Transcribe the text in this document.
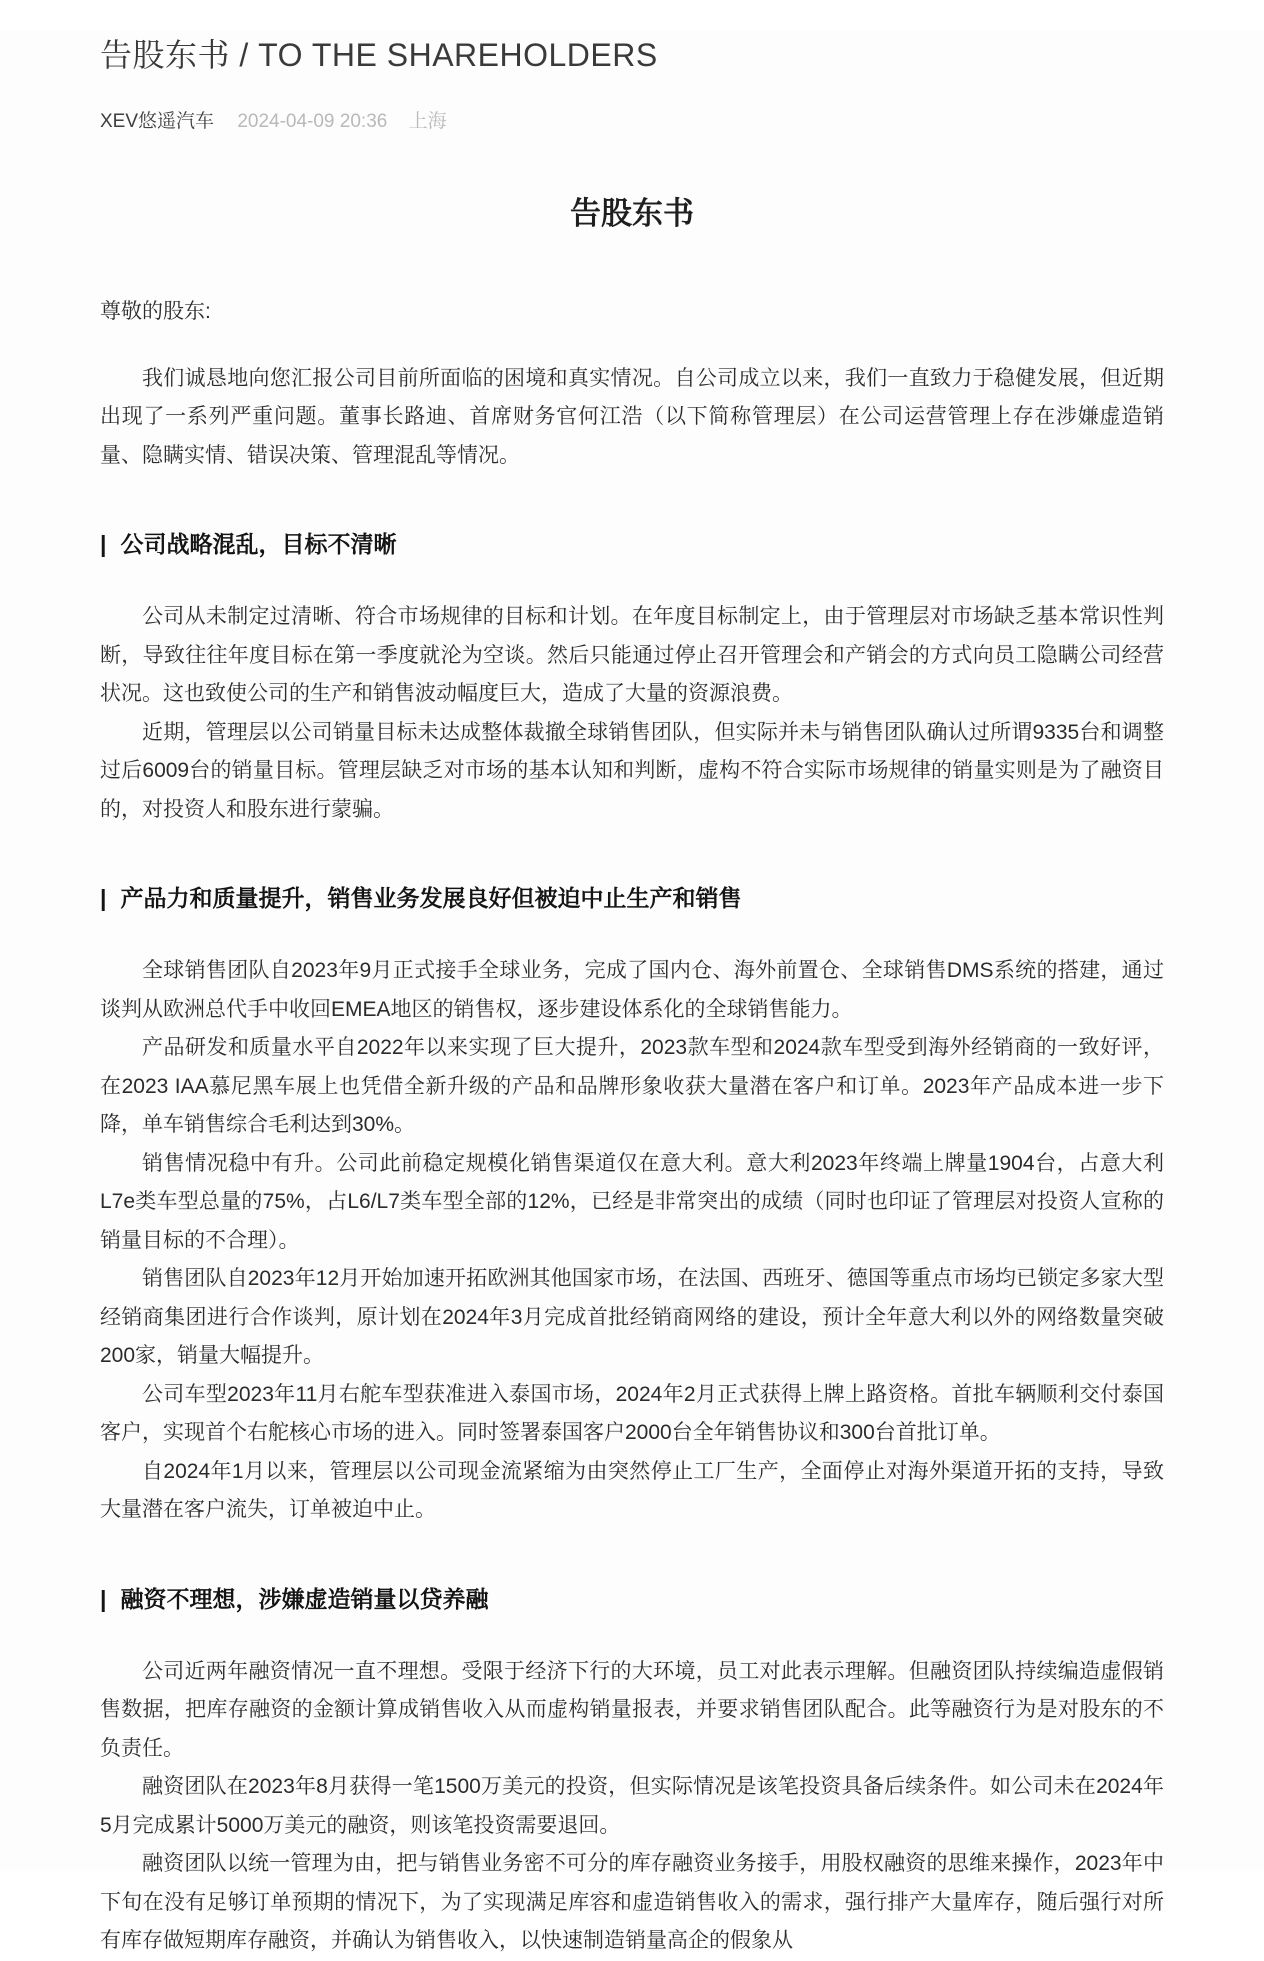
告股东书 / TO THE SHAREHOLDERS
XEV悠遥汽车 2024-04-09 20:36 上海
告股东书

尊敬的股东:

我们诚恳地向您汇报公司目前所面临的困境和真实情况。自公司成立以来，我们一直致力于稳健发展，但近期出现了一系列严重问题。董事长路迪、首席财务官何江浩（以下简称管理层）在公司运营管理上存在涉嫌虚造销量、隐瞒实情、错误决策、管理混乱等情况。

| 公司战略混乱，目标不清晰

公司从未制定过清晰、符合市场规律的目标和计划。在年度目标制定上，由于管理层对市场缺乏基本常识性判断，导致往往年度目标在第一季度就沦为空谈。然后只能通过停止召开管理会和产销会的方式向员工隐瞒公司经营状况。这也致使公司的生产和销售波动幅度巨大，造成了大量的资源浪费。

近期，管理层以公司销量目标未达成整体裁撤全球销售团队，但实际并未与销售团队确认过所谓9335台和调整过后6009台的销量目标。管理层缺乏对市场的基本认知和判断，虚构不符合实际市场规律的销量实则是为了融资目的，对投资人和股东进行蒙骗。

| 产品力和质量提升，销售业务发展良好但被迫中止生产和销售

全球销售团队自2023年9月正式接手全球业务，完成了国内仓、海外前置仓、全球销售DMS系统的搭建，通过谈判从欧洲总代手中收回EMEA地区的销售权，逐步建设体系化的全球销售能力。

产品研发和质量水平自2022年以来实现了巨大提升，2023款车型和2024款车型受到海外经销商的一致好评，在2023 IAA慕尼黑车展上也凭借全新升级的产品和品牌形象收获大量潜在客户和订单。2023年产品成本进一步下降，单车销售综合毛利达到30%。

销售情况稳中有升。公司此前稳定规模化销售渠道仅在意大利。意大利2023年终端上牌量1904台，占意大利L7e类车型总量的75%，占L6/L7类车型全部的12%，已经是非常突出的成绩（同时也印证了管理层对投资人宣称的销量目标的不合理）。

销售团队自2023年12月开始加速开拓欧洲其他国家市场，在法国、西班牙、德国等重点市场均已锁定多家大型经销商集团进行合作谈判，原计划在2024年3月完成首批经销商网络的建设，预计全年意大利以外的网络数量突破200家，销量大幅提升。

公司车型2023年11月右舵车型获准进入泰国市场，2024年2月正式获得上牌上路资格。首批车辆顺利交付泰国客户，实现首个右舵核心市场的进入。同时签署泰国客户2000台全年销售协议和300台首批订单。

自2024年1月以来，管理层以公司现金流紧缩为由突然停止工厂生产，全面停止对海外渠道开拓的支持，导致大量潜在客户流失，订单被迫中止。

| 融资不理想，涉嫌虚造销量以贷养融

公司近两年融资情况一直不理想。受限于经济下行的大环境，员工对此表示理解。但融资团队持续编造虚假销售数据，把库存融资的金额计算成销售收入从而虚构销量报表，并要求销售团队配合。此等融资行为是对股东的不负责任。

融资团队在2023年8月获得一笔1500万美元的投资，但实际情况是该笔投资具备后续条件。如公司未在2024年5月完成累计5000万美元的融资，则该笔投资需要退回。

融资团队以统一管理为由，把与销售业务密不可分的库存融资业务接手，用股权融资的思维来操作，2023年中下旬在没有足够订单预期的情况下，为了实现满足库容和虚造销售收入的需求，强行排产大量库存，随后强行对所有库存做短期库存融资，并确认为销售收入，以快速制造销量高企的假象从
